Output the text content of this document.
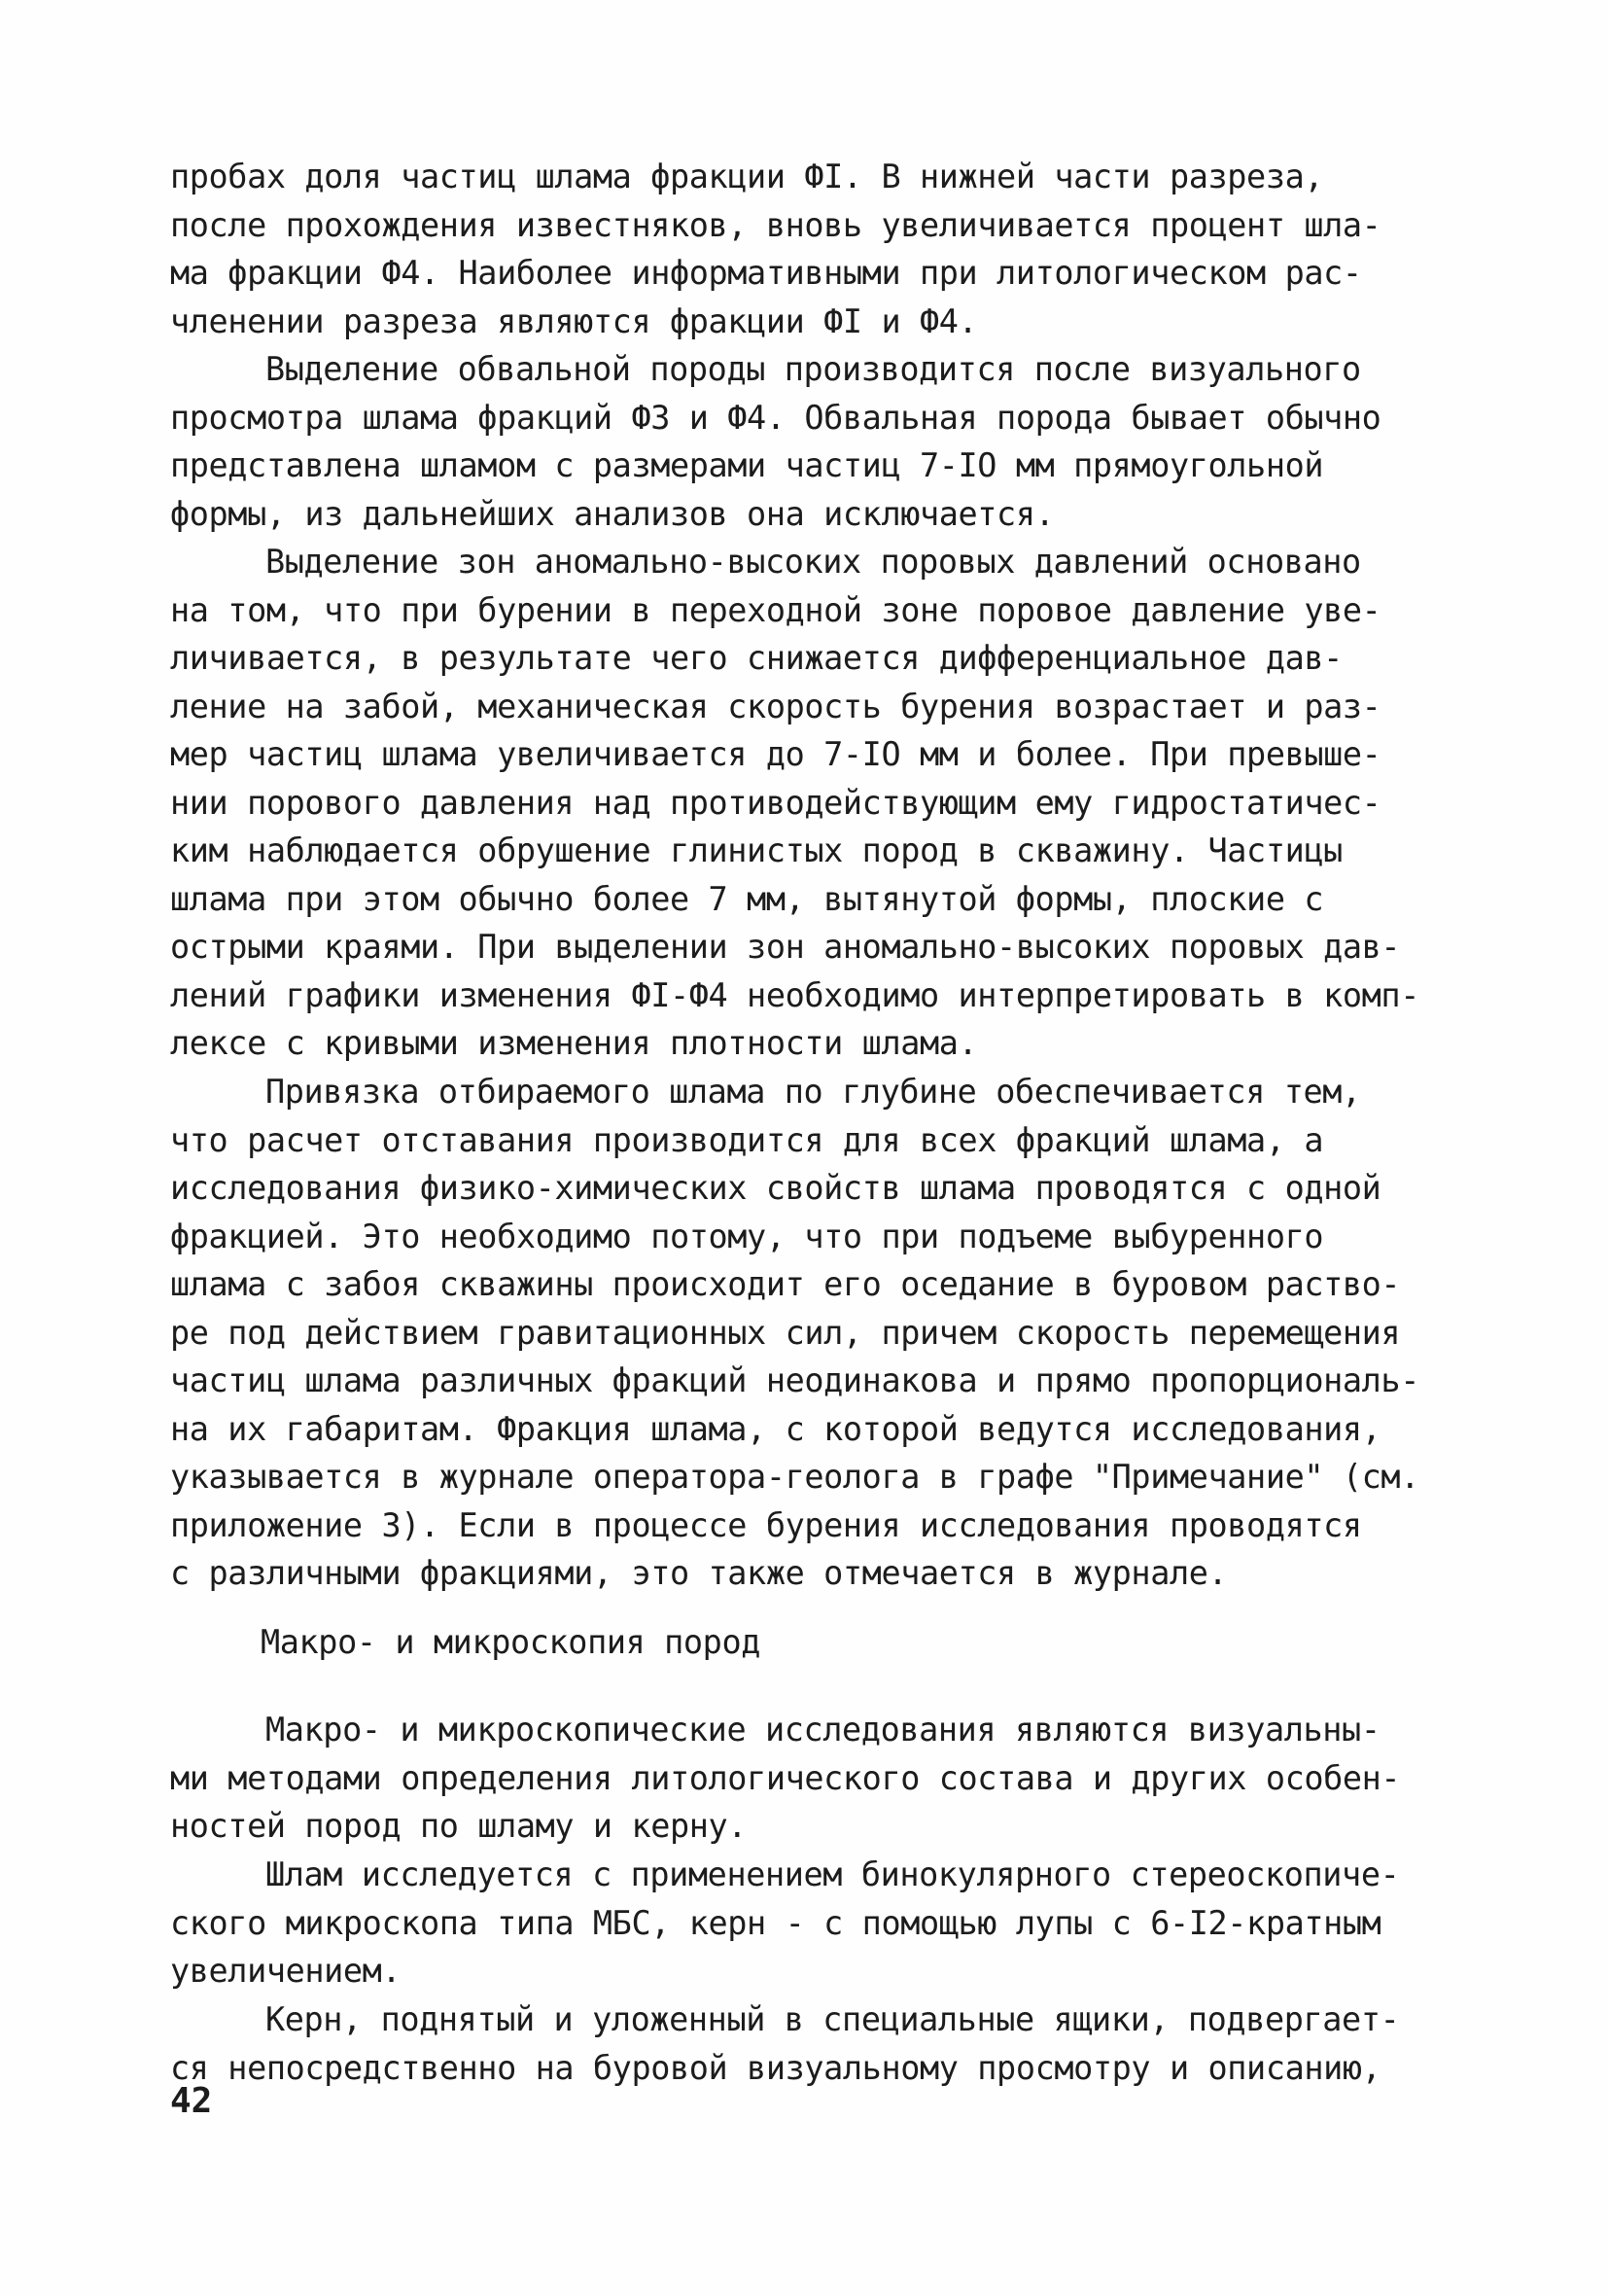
пробах доля частиц шлама фракции ФI. В нижней части разреза,
после прохождения известняков, вновь увеличивается процент шла-
ма фракции Ф4. Наиболее информативными при литологическом рас-
членении разреза являются фракции ФI и Ф4.
Выделение обвальной породы производится после визуального
просмотра шлама фракций Ф3 и Ф4. Обвальная порода бывает обычно
представлена шламом с размерами частиц 7-IO мм прямоугольной
формы, из дальнейших анализов она исключается.
Выделение зон аномально-высоких поровых давлений основано
на том, что при бурении в переходной зоне поровое давление уве-
личивается, в результате чего снижается дифференциальное дав-
ление на забой, механическая скорость бурения возрастает и раз-
мер частиц шлама увеличивается до 7-IO мм и более. При превыше-
нии порового давления над противодействующим ему гидростатичес-
ким наблюдается обрушение глинистых пород в скважину. Частицы
шлама при этом обычно более 7 мм, вытянутой формы, плоские с
острыми краями. При выделении зон аномально-высоких поровых дав-
лений графики изменения ФI-Ф4 необходимо интерпретировать в комп-
лексе с кривыми изменения плотности шлама.
Привязка отбираемого шлама по глубине обеспечивается тем,
что расчет отставания производится для всех фракций шлама, а
исследования физико-химических свойств шлама проводятся с одной
фракцией. Это необходимо потому, что при подъеме выбуренного
шлама с забоя скважины происходит его оседание в буровом раство-
ре под действием гравитационных сил, причем скорость перемещения
частиц шлама различных фракций неодинакова и прямо пропорциональ-
на их габаритам. Фракция шлама, с которой ведутся исследования,
указывается в журнале оператора-геолога в графе "Примечание" (см.
приложение 3). Если в процессе бурения исследования проводятся
с различными фракциями, это также отмечается в журнале.
Макро- и микроскопия пород
Макро- и микроскопические исследования являются визуальны-
ми методами определения литологического состава и других особен-
ностей пород по шламу и керну.
Шлам исследуется с применением бинокулярного стереоскопиче-
ского микроскопа типа МБС, керн - с помощью лупы с 6-I2-кратным
увеличением.
Керн, поднятый и уложенный в специальные ящики, подвергает-
ся непосредственно на буровой визуальному просмотру и описанию,
42
